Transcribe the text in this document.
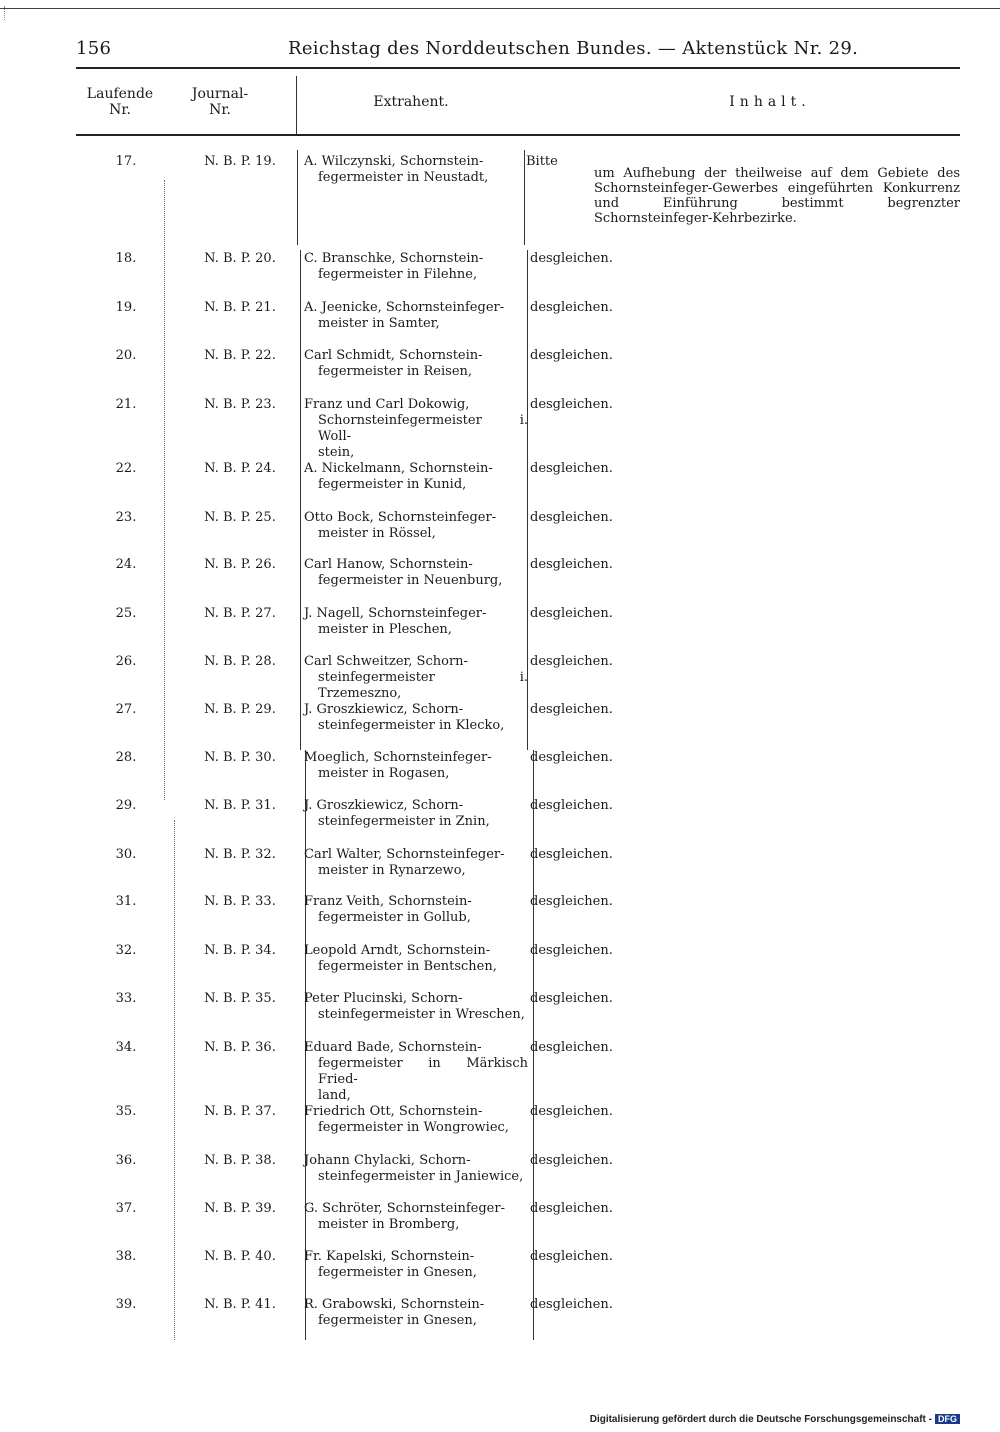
156	Reichstag des Norddeutschen Bundes. — Aktenstück Nr. 29.
Laufende Nr.
Journal- Nr.	Extrahent.	Inhalt.
17.	N. B. P. 19.	A. Wilczynski, Schornstein-
fegermeister in Neustadt,
Bitte
um Aufhebung der theilweise auf dem Gebiete des Schornsteinfeger-Gewerbes eingeführten Konkurrenz und Einführung bestimmt begrenzter Schornsteinfeger-Kehrbezirke.
18.	N. B. P. 20.	C. Branschke, Schornstein-
fegermeister in Filehne,
desgleichen.
19.	N. B. P. 21.	A. Jeenicke, Schornsteinfeger-
meister in Samter,
desgleichen.
20.	N. B. P. 22.	Carl Schmidt, Schornstein-
fegermeister in Reisen,
desgleichen.
21.	N. B. P. 23.	Franz und Carl Dokowig,
Schornsteinfegermeister i. Woll-
stein,
desgleichen.
22.	N. B. P. 24.	A. Nickelmann, Schornstein-
fegermeister in Kunid,
desgleichen.
23.	N. B. P. 25.	Otto Bock, Schornsteinfeger-
meister in Rössel,
desgleichen.
24.	N. B. P. 26.	Carl Hanow, Schornstein-
fegermeister in Neuenburg,
desgleichen.
25.	N. B. P. 27.	J. Nagell, Schornsteinfeger-
meister in Pleschen,
desgleichen.
26.	N. B. P. 28.	Carl Schweitzer, Schorn-
steinfegermeister i. Trzemeszno,
desgleichen.
27.	N. B. P. 29.	J. Groszkiewicz, Schorn-
steinfegermeister in Klecko,
desgleichen.
28.	N. B. P. 30.	Moeglich, Schornsteinfeger-
meister in Rogasen,
desgleichen.
29.	N. B. P. 31.	J. Groszkiewicz, Schorn-
steinfegermeister in Znin,
desgleichen.
30.	N. B. P. 32.	Carl Walter, Schornsteinfeger-
meister in Rynarzewo,
desgleichen.
31.	N. B. P. 33.	Franz Veith, Schornstein-
fegermeister in Gollub,
desgleichen.
32.	N. B. P. 34.	Leopold Arndt, Schornstein-
fegermeister in Bentschen,
desgleichen.
33.	N. B. P. 35.	Peter Plucinski, Schorn-
steinfegermeister in Wreschen,
desgleichen.
34.	N. B. P. 36.	Eduard Bade, Schornstein-
fegermeister in Märkisch Fried-
land,
desgleichen.
35.	N. B. P. 37.	Friedrich Ott, Schornstein-
fegermeister in Wongrowiec,
desgleichen.
36.	N. B. P. 38.	Johann Chylacki, Schorn-
steinfegermeister in Janiewice,
desgleichen.
37.	N. B. P. 39.	G. Schröter, Schornsteinfeger-
meister in Bromberg,
desgleichen.
38.	N. B. P. 40.	Fr. Kapelski, Schornstein-
fegermeister in Gnesen,
desgleichen.
39.	N. B. P. 41.	R. Grabowski, Schornstein-
fegermeister in Gnesen,
desgleichen.
Digitalisierung gefördert durch die Deutsche Forschungsgemeinschaft - DFG
